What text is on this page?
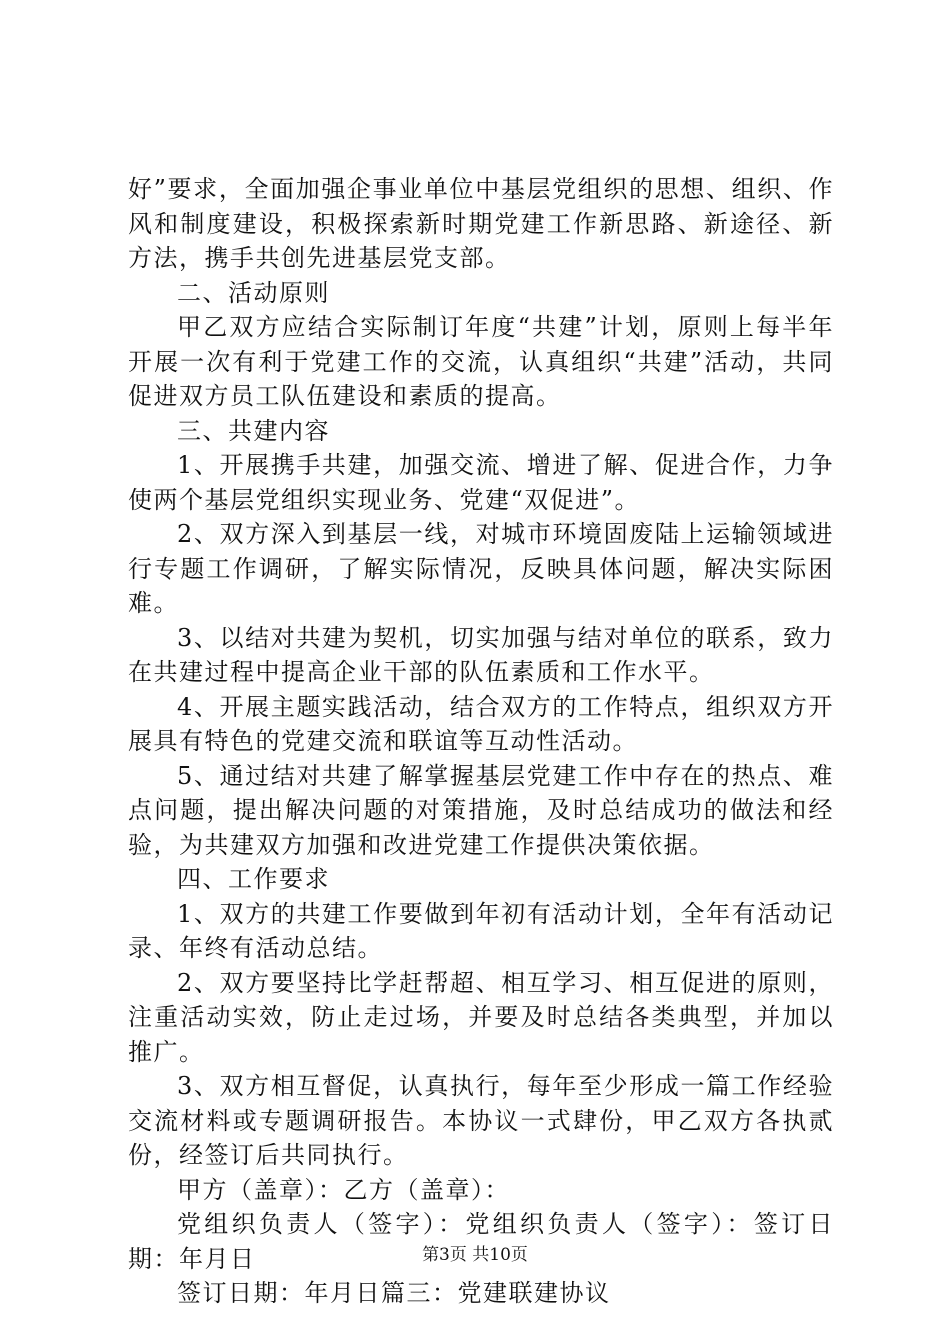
好”要求，全面加强企事业单位中基层党组织的思想、组织、作风和制度建设，积极探索新时期党建工作新思路、新途径、新方法，携手共创先进基层党支部。

二、活动原则

甲乙双方应结合实际制订年度“共建”计划，原则上每半年开展一次有利于党建工作的交流，认真组织“共建”活动，共同促进双方员工队伍建设和素质的提高。

三、共建内容

1、开展携手共建，加强交流、增进了解、促进合作，力争使两个基层党组织实现业务、党建“双促进”。

2、双方深入到基层一线，对城市环境固废陆上运输领域进行专题工作调研，了解实际情况，反映具体问题，解决实际困难。

3、以结对共建为契机，切实加强与结对单位的联系，致力在共建过程中提高企业干部的队伍素质和工作水平。

4、开展主题实践活动，结合双方的工作特点，组织双方开展具有特色的党建交流和联谊等互动性活动。

5、通过结对共建了解掌握基层党建工作中存在的热点、难点问题，提出解决问题的对策措施，及时总结成功的做法和经验，为共建双方加强和改进党建工作提供决策依据。

四、工作要求

1、双方的共建工作要做到年初有活动计划，全年有活动记录、年终有活动总结。

2、双方要坚持比学赶帮超、相互学习、相互促进的原则，注重活动实效，防止走过场，并要及时总结各类典型，并加以推广。

3、双方相互督促，认真执行，每年至少形成一篇工作经验交流材料或专题调研报告。本协议一式肆份，甲乙双方各执贰份，经签订后共同执行。

甲方（盖章）：乙方（盖章）：

党组织负责人（签字）：党组织负责人（签字）：签订日期：年月日

签订日期：年月日篇三：党建联建协议

第3页 共10页
